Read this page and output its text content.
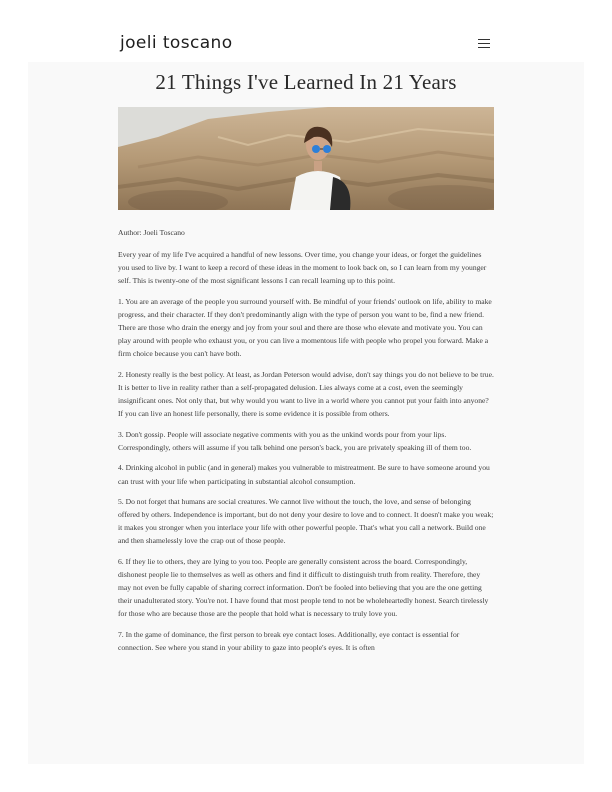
joeli toscano
21 Things I've Learned In 21 Years

Author: Joeli Toscano

Every year of my life I've acquired a handful of new lessons. Over time, you change your ideas, or forget the guidelines you used to live by. I want to keep a record of these ideas in the moment to look back on, so I can learn from my younger self. This is twenty-one of the most significant lessons I can recall learning up to this point.

1. You are an average of the people you surround yourself with. Be mindful of your friends' outlook on life, ability to make progress, and their character. If they don't predominantly align with the type of person you want to be, find a new friend. There are those who drain the energy and joy from your soul and there are those who elevate and motivate you. You can play around with people who exhaust you, or you can live a momentous life with people who propel you forward. Make a firm choice because you can't have both.

2. Honesty really is the best policy. At least, as Jordan Peterson would advise, don't say things you do not believe to be true. It is better to live in reality rather than a self-propagated delusion. Lies always come at a cost, even the seemingly insignificant ones. Not only that, but why would you want to live in a world where you cannot put your faith into anyone? If you can live an honest life personally, there is some evidence it is possible from others.

3. Don't gossip. People will associate negative comments with you as the unkind words pour from your lips. Correspondingly, others will assume if you talk behind one person's back, you are privately speaking ill of them too.

4. Drinking alcohol in public (and in general) makes you vulnerable to mistreatment. Be sure to have someone around you can trust with your life when participating in substantial alcohol consumption.

5. Do not forget that humans are social creatures. We cannot live without the touch, the love, and sense of belonging offered by others. Independence is important, but do not deny your desire to love and to connect. It doesn't make you weak; it makes you stronger when you interlace your life with other powerful people. That's what you call a network. Build one and then shamelessly love the crap out of those people.

6. If they lie to others, they are lying to you too. People are generally consistent across the board. Correspondingly, dishonest people lie to themselves as well as others and find it difficult to distinguish truth from reality. Therefore, they may not even be fully capable of sharing correct information. Don't be fooled into believing that you are the one getting their unadulterated story. You're not. I have found that most people tend to not be wholeheartedly honest. Search tirelessly for those who are because those are the people that hold what is necessary to truly love you.

7. In the game of dominance, the first person to break eye contact loses. Additionally, eye contact is essential for connection. See where you stand in your ability to gaze into people's eyes. It is often
